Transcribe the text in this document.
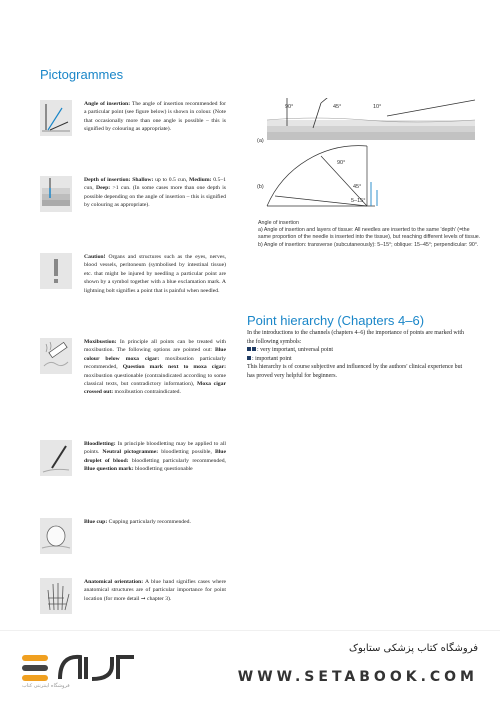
Pictogrammes
Angle of insertion: The angle of insertion recommended for a particular point (see figure below) is shown in colour. (Note that occasionally more than one angle is possible – this is signified by colouring as appropriate).
Depth of insertion: Shallow: up to 0.5 cun, Medium: 0.5–1 cun, Deep: >1 cun. (In some cases more than one depth is possible depending on the angle of insertion – this is signified by colouring as appropriate).
Caution! Organs and structures such as the eyes, nerves, blood vessels, peritoneum (symbolised by intestinal tissue) etc. that might be injured by needling a particular point are shown by a symbol together with a blue exclamation mark. A lightning bolt signifies a point that is painful when needled.
Moxibustion: In principle all points can be treated with moxibustion. The following options are pointed out: Blue colour below moxa cigar: moxibustion particularly recommended, Question mark next to moxa cigar: moxibustion questionable (contraindicated according to some classical texts, but contradictory information), Moxa cigar crossed out: moxibustion contraindicated.
Bloodletting: In principle bloodletting may be applied to all points. Neutral pictogramme: bloodletting possible, Blue droplet of blood: bloodletting particularly recommended, Blue question mark: bloodletting questionable
Blue cup: Cupping particularly recommended.
Anatomical orientation: A blue hand signifies cases where anatomical structures are of particular importance for point location (for more detail ➞ chapter 3).
90°	45°	10°
(a)
90°
45°
5–15°
(b)
Angle of insertion
a) Angle of insertion and layers of tissue: All needles are inserted to the same 'depth' (=the same proportion of the needle is inserted into the tissue), but reaching different levels of tissue.
b) Angle of insertion: transverse (subcutaneously): 5–15°; oblique: 15–45°; perpendicular: 90°.
Point hierarchy (Chapters 4–6)

In the introductions to the channels (chapters 4–6) the importance of points are marked with the following symbols:

: very important, universal point

: important point

This hierarchy is of course subjective and influenced by the authors' clinical experience but has proved very helpful for beginners.

فروشگاه اینترنتی کتاب
فروشگاه کتاب پزشکی ستابوک
WWW.SETABOOK.COM
